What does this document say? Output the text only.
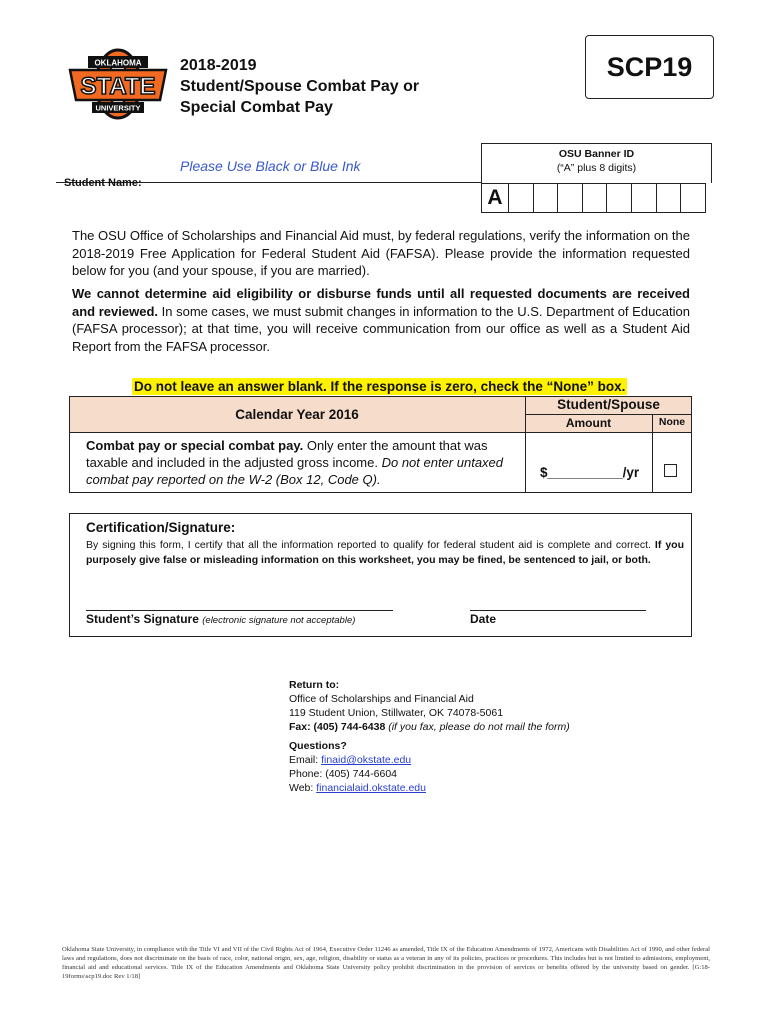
OKLAHOMA
STATE
UNIVERSITY
2018-2019
Student/Spouse Combat Pay or
Special Combat Pay
SCP19
Please Use Black or Blue Ink
OSU Banner ID
(“A” plus 8 digits)
Student Name:
A
The OSU Office of Scholarships and Financial Aid must, by federal regulations, verify the information on the 2018-2019 Free Application for Federal Student Aid (FAFSA). Please provide the information requested below for you (and your spouse, if you are married).
We cannot determine aid eligibility or disburse funds until all requested documents are received and reviewed. In some cases, we must submit changes in information to the U.S. Department of Education (FAFSA processor); at that time, you will receive communication from our office as well as a Student Aid Report from the FAFSA processor.
Do not leave an answer blank. If the response is zero, check the “None” box.
Calendar Year 2016
Student/Spouse
Amount	None
Combat pay or special combat pay. Only enter the amount that was taxable and included in the adjusted gross income. Do not enter untaxed combat pay reported on the W-2 (Box 12, Code Q).	$__________/yr
Certification/Signature:
By signing this form, I certify that all the information reported to qualify for federal student aid is complete and correct. If you purposely give false or misleading information on this worksheet, you may be fined, be sentenced to jail, or both.
Student’s Signature (electronic signature not acceptable)	Date
Return to:
Office of Scholarships and Financial Aid
119 Student Union, Stillwater, OK 74078-5061
Fax: (405) 744-6438 (if you fax, please do not mail the form)
Questions?
Email: finaid@okstate.edu
Phone: (405) 744-6604
Web: financialaid.okstate.edu
Oklahoma State University, in compliance with the Title VI and VII of the Civil Rights Act of 1964, Executive Order 11246 as amended, Title IX of the Education Amendments of 1972, Americans with Disabilities Act of 1990, and other federal laws and regulations, does not discriminate on the basis of race, color, national origin, sex, age, religion, disability or status as a veteran in any of its policies, practices or procedures. This includes but is not limited to admissions, employment, financial aid and educational services. Title IX of the Education Amendments and Oklahoma State University policy prohibit discrimination in the provision of services or benefits offered by the university based on gender. [G:18-19forms\scp19.doc Rev 1/18]
